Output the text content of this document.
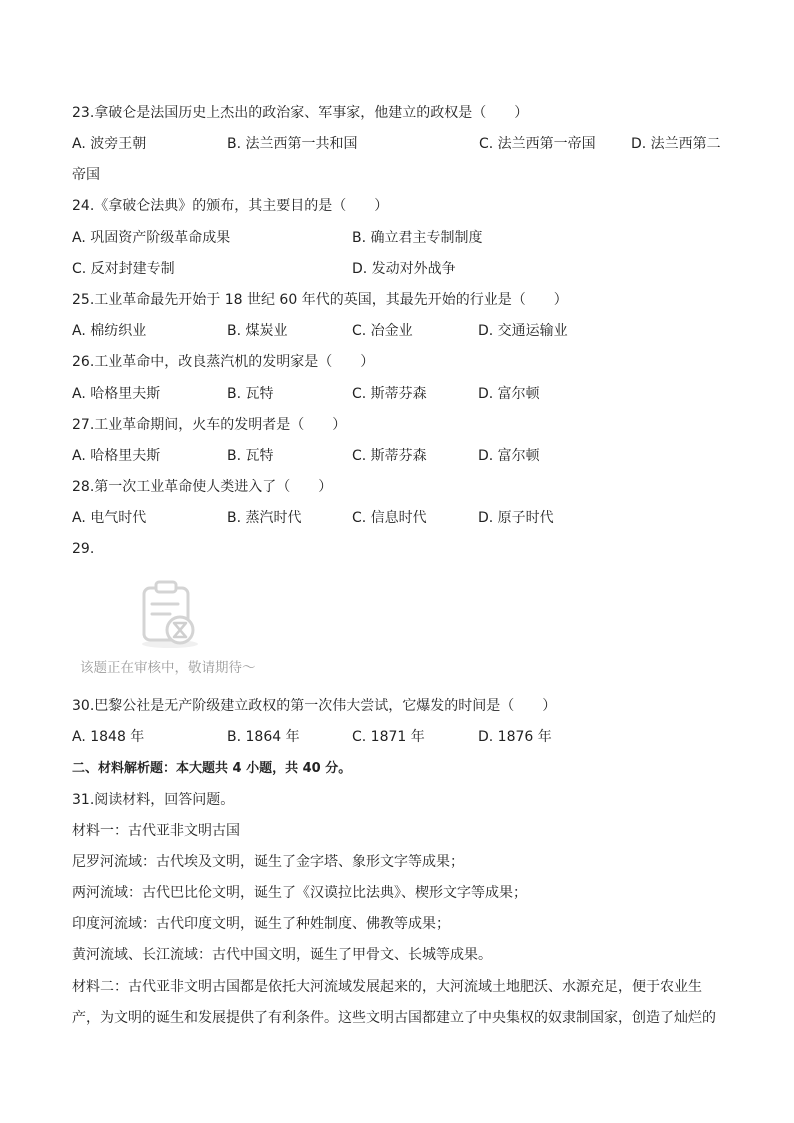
23.拿破仑是法国历史上杰出的政治家、军事家，他建立的政权是（　　）
A. 波旁王朝	B. 法兰西第一共和国	C. 法兰西第一帝国	D. 法兰西第二
帝国
24.《拿破仑法典》的颁布，其主要目的是（　　）
A. 巩固资产阶级革命成果	B. 确立君主专制制度
C. 反对封建专制	D. 发动对外战争
25.工业革命最先开始于 18 世纪 60 年代的英国，其最先开始的行业是（　　）
A. 棉纺织业	B. 煤炭业	C. 冶金业	D. 交通运输业
26.工业革命中，改良蒸汽机的发明家是（　　）
A. 哈格里夫斯	B. 瓦特	C. 斯蒂芬森	D. 富尔顿
27.工业革命期间，火车的发明者是（　　）
A. 哈格里夫斯	B. 瓦特	C. 斯蒂芬森	D. 富尔顿
28.第一次工业革命使人类进入了（　　）
A. 电气时代	B. 蒸汽时代	C. 信息时代	D. 原子时代
29.
该题正在审核中，敬请期待～
30.巴黎公社是无产阶级建立政权的第一次伟大尝试，它爆发的时间是（　　）
A. 1848 年	B. 1864 年	C. 1871 年	D. 1876 年
二、材料解析题：本大题共 4 小题，共 40 分。
31.阅读材料，回答问题。
材料一：古代亚非文明古国
尼罗河流域：古代埃及文明，诞生了金字塔、象形文字等成果；
两河流域：古代巴比伦文明，诞生了《汉谟拉比法典》、楔形文字等成果；
印度河流域：古代印度文明，诞生了种姓制度、佛教等成果；
黄河流域、长江流域：古代中国文明，诞生了甲骨文、长城等成果。
材料二：古代亚非文明古国都是依托大河流域发展起来的，大河流域土地肥沃、水源充足，便于农业生
产，为文明的诞生和发展提供了有利条件。这些文明古国都建立了中央集权的奴隶制国家，创造了灿烂的
